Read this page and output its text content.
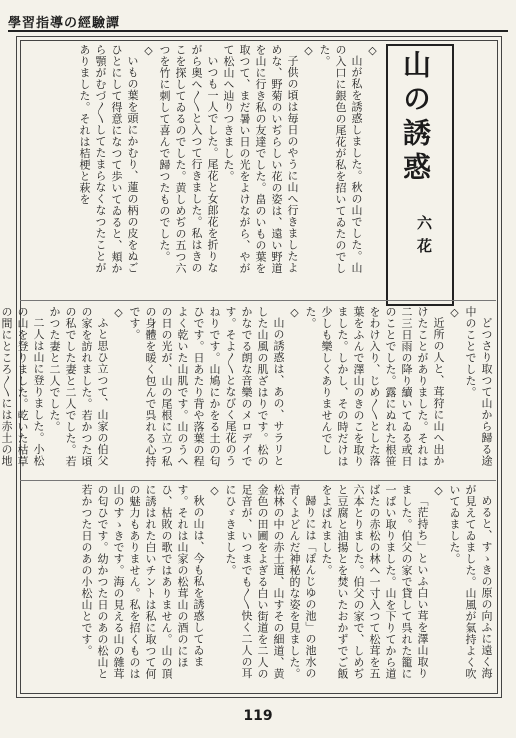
學習指導の經驗譚
山の誘惑
六花

◇

山が私を誘惑しました。秋の山でした。山の入口に銀色の尾花が私を招いてゐたのでした。

◇

子供の頃は毎日のやうに山へ行きましたよめな、野菊のいぢらしい花の姿は、遠い野道を山に行き私の友達でした。畠のいもの葉を取つて、まだ暑い日の光をよけながら、やがて松山へ辿りつきました。

いつも一人でした。尾花と女郎花を折りながら奥へ〳〵と入つて行きました。私はきのこを探してゐるのでした。黄しめぢの五つ六つを竹に刺して喜んで歸つたものでした。

◇

いもの葉を頭にかむり、蓮の柄の皮をぬごひとにして得意になつて歩いてゐると、頬から顎がむづ〳〵してたまらなくなつたことがありました。それは桔梗と萩を

どつさり取つて山から歸る途中のことでした。

◇

近所の人と、茸狩に山へ出かけたことがありました。それは二三日雨の降り續いてゐる或日のことでした。露にぬれた根笹をわけ入り、じめ〳〵とした落葉をふんで澤山のきのこを取りました。しかし、その時だけは少しも樂しくありませんでした。

◇

山の誘惑は、あの、サラリとした山風の肌ざはりです。松のかなでる朗な音樂のメロデイです。そよ〳〵となびく尾花のうねりです。山鳩にかをる土の匂ひです。日あたり背や落葉の程よく乾いた山肌です。山のうへの日の光が、山の尾根に立つ私の身體を暖く包んで呉れる心持です。

◇

ふと思ひ立つて、山家の伯父の家を訪れました。若かつた頃の私でした妻と二人でした。若かつた妻と二人でした。

二人は山に登りました。小松の山を登りました。乾いた枯草の間にところ〳〵には赤土の地

めると、すゝきの原の向ふに遠く海が見えてゐました。山風が氣持よく吹いてゐました。

◇

「茫持ち」といふ白い茸を澤山取りました。伯父の家で貸して呉れた籠に一ぱい取りました。山を下りてから道ばたの赤松の林へ一寸入つて松茸を五六本とりました。伯父の家で、しめぢと豆腐と油揚とを焚いたおかずでご飯をよばれました。

歸りには「ぽんじゆの池」の池水の青くよどんだ神秘的な姿を見ました。松林の中の赤土道、山すその細道、黄金色の田圃をよぎる白い街道を二人の足音が、いつまでも〳〵快く二人の耳にひゞきました。

◇

秋の山は、今も私を誘惑してゐます。それは山家の松茸山の酒のにほひ、枯敗の歌ではありません。山の頂に誘はれた白いチントは私に取つて何の魅力もありません。私を招くものは山のすゝきです。海の見える山の雜茸の匂ひです。幼かつた日のあの松山と若かつた日のあの小松山とです。

119
